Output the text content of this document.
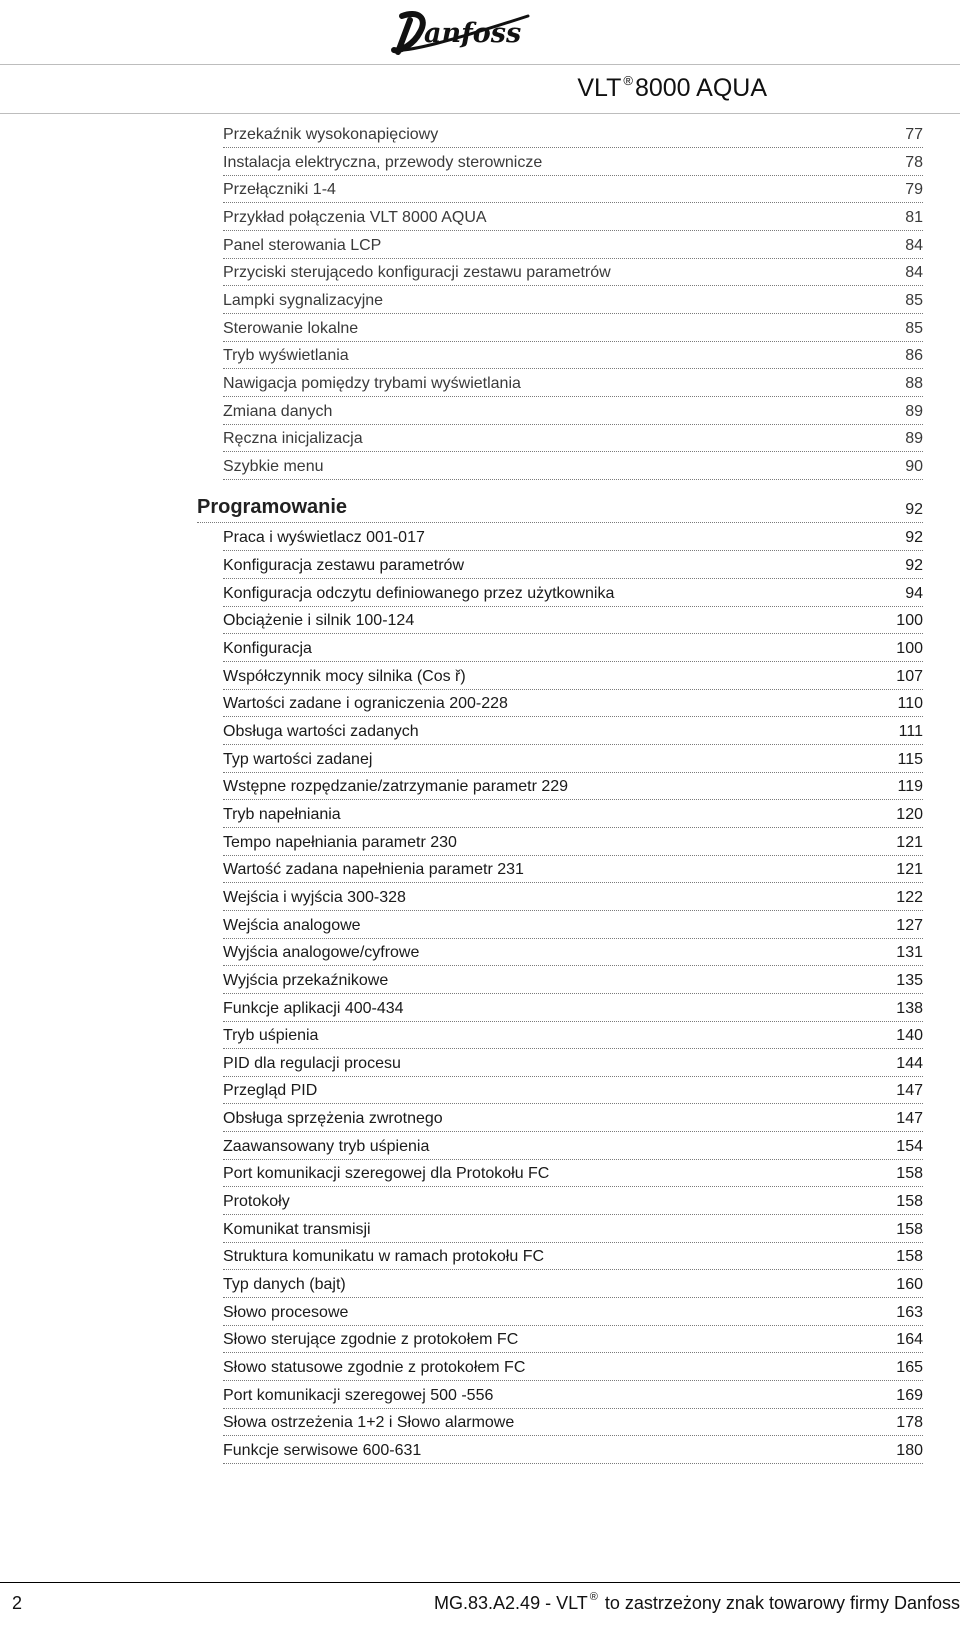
anfoss
VLT ®8000 AQUA
Przekaźnik wysokonapięciowy	77
Instalacja elektryczna, przewody sterownicze	78
Przełączniki 1-4	79
Przykład połączenia VLT 8000 AQUA	81
Panel sterowania LCP	84
Przyciski sterującedo konfiguracji zestawu parametrów	84
Lampki sygnalizacyjne	85
Sterowanie lokalne	85
Tryb wyświetlania	86
Nawigacja pomiędzy trybami wyświetlania	88
Zmiana danych	89
Ręczna inicjalizacja	89
Szybkie menu	90
Programowanie	92
Praca i wyświetlacz 001-017	92
Konfiguracja zestawu parametrów	92
Konfiguracja odczytu definiowanego przez użytkownika	94
Obciążenie i silnik 100-124	100
Konfiguracja	100
Współczynnik mocy silnika (Cos ř)	107
Wartości zadane i ograniczenia 200-228	110
Obsługa wartości zadanych	111
Typ wartości zadanej	115
Wstępne rozpędzanie/zatrzymanie parametr 229	119
Tryb napełniania	120
Tempo napełniania parametr 230	121
Wartość zadana napełnienia parametr 231	121
Wejścia i wyjścia 300-328	122
Wejścia analogowe	127
Wyjścia analogowe/cyfrowe	131
Wyjścia przekaźnikowe	135
Funkcje aplikacji 400-434	138
Tryb uśpienia	140
PID dla regulacji procesu	144
Przegląd PID	147
Obsługa sprzężenia zwrotnego	147
Zaawansowany tryb uśpienia	154
Port komunikacji szeregowej dla Protokołu FC	158
Protokoły	158
Komunikat transmisji	158
Struktura komunikatu w ramach protokołu FC	158
Typ danych (bajt)	160
Słowo procesowe	163
Słowo sterujące zgodnie z protokołem FC	164
Słowo statusowe zgodnie z protokołem FC	165
Port komunikacji szeregowej 500 -556	169
Słowa ostrzeżenia 1+2 i Słowo alarmowe	178
Funkcje serwisowe 600-631	180
2	MG.83.A2.49 - VLT ® to zastrzeżony znak towarowy firmy Danfoss
